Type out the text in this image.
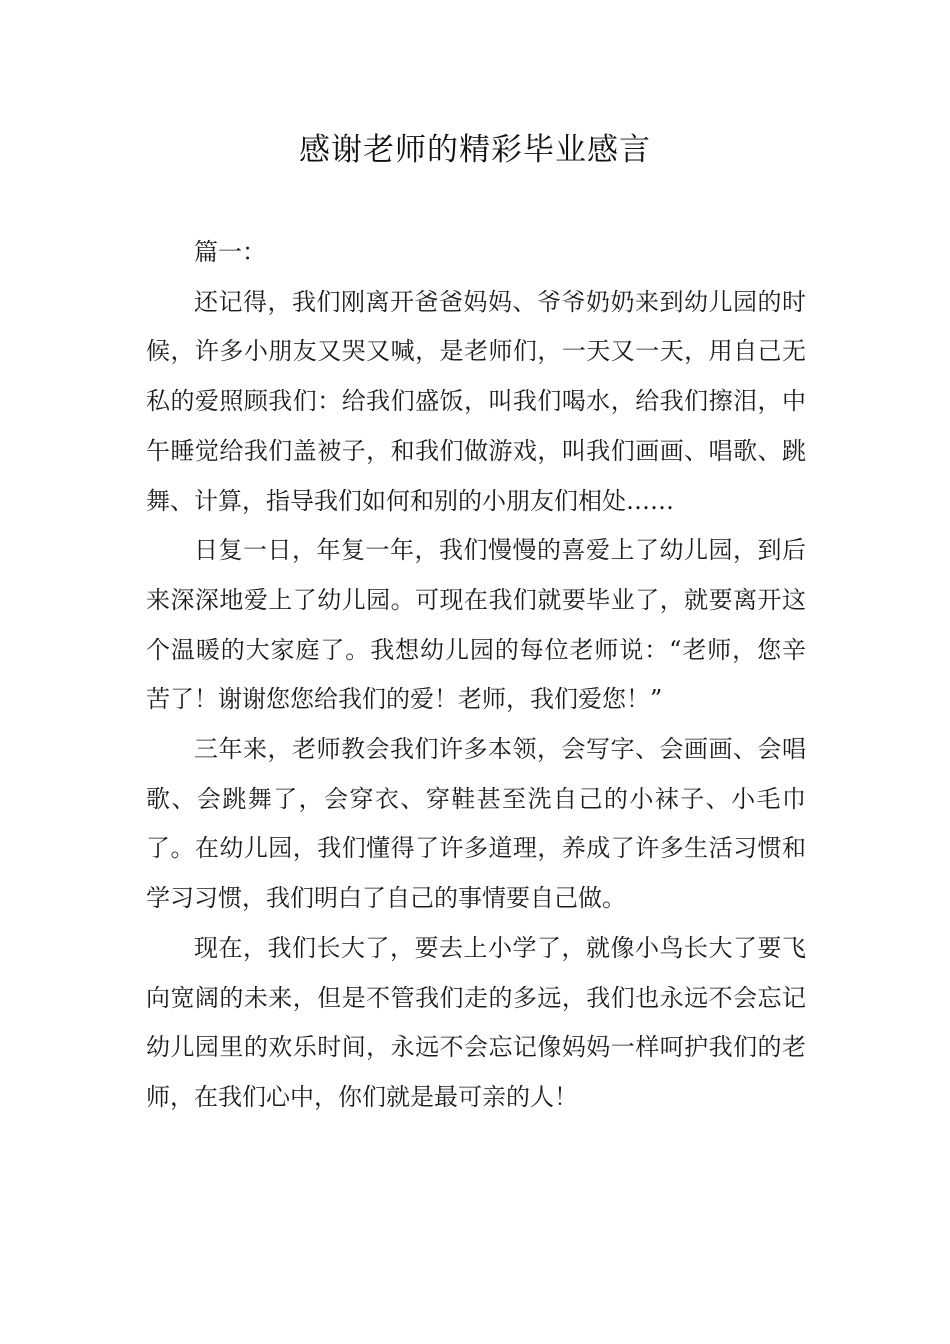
感谢老师的精彩毕业感言

篇一：

还记得，我们刚离开爸爸妈妈、爷爷奶奶来到幼儿园的时候，许多小朋友又哭又喊，是老师们，一天又一天，用自己无私的爱照顾我们：给我们盛饭，叫我们喝水，给我们擦泪，中午睡觉给我们盖被子，和我们做游戏，叫我们画画、唱歌、跳舞、计算，指导我们如何和别的小朋友们相处……

日复一日，年复一年，我们慢慢的喜爱上了幼儿园，到后来深深地爱上了幼儿园。可现在我们就要毕业了，就要离开这个温暖的大家庭了。我想幼儿园的每位老师说：“老师，您辛苦了！谢谢您您给我们的爱！老师，我们爱您！”

三年来，老师教会我们许多本领，会写字、会画画、会唱歌、会跳舞了，会穿衣、穿鞋甚至洗自己的小袜子、小毛巾了。在幼儿园，我们懂得了许多道理，养成了许多生活习惯和学习习惯，我们明白了自己的事情要自己做。

现在，我们长大了，要去上小学了，就像小鸟长大了要飞向宽阔的未来，但是不管我们走的多远，我们也永远不会忘记幼儿园里的欢乐时间，永远不会忘记像妈妈一样呵护我们的老师，在我们心中，你们就是最可亲的人！
